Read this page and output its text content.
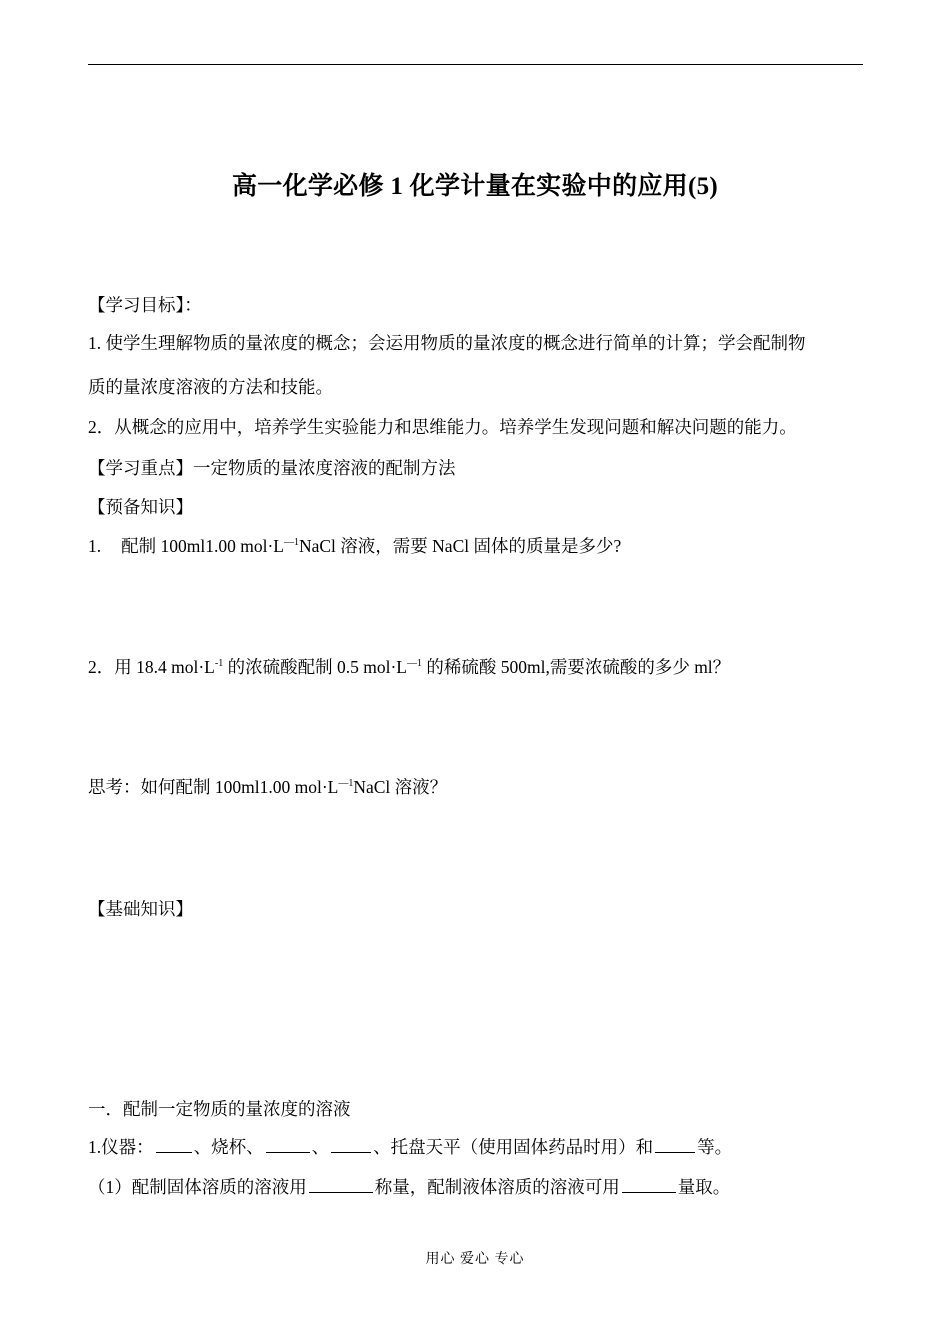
高一化学必修 1 化学计量在实验中的应用(5)
【学习目标】：
1. 使学生理解物质的量浓度的概念；会运用物质的量浓度的概念进行简单的计算；学会配制物
质的量浓度溶液的方法和技能。
2．从概念的应用中，培养学生实验能力和思维能力。培养学生发现问题和解决问题的能力。
【学习重点】一定物质的量浓度溶液的配制方法
【预备知识】
1. 配制 100ml1.00 $mol\cdot L^{—1}NaCl$ 溶液，需要 NaCl 固体的质量是多少?
2．用 18.4 $mol\cdot L^{-1}$ 的浓硫酸配制 0.5 $mol\cdot L^{—1}$ 的稀硫酸 500ml,需要浓硫酸的多少 ml？
思考：如何配制 100ml1.00 $mol\cdot L^{—1}NaCl$ 溶液？
【基础知识】
一．配制一定物质的量浓度的溶液
1.仪器： 、烧杯、	、	、托盘天平（使用固体药品时用）和	等。
（1）配制固体溶质的溶液用	称量，配制液体溶质的溶液可用	量取。
用心 爱心 专心
